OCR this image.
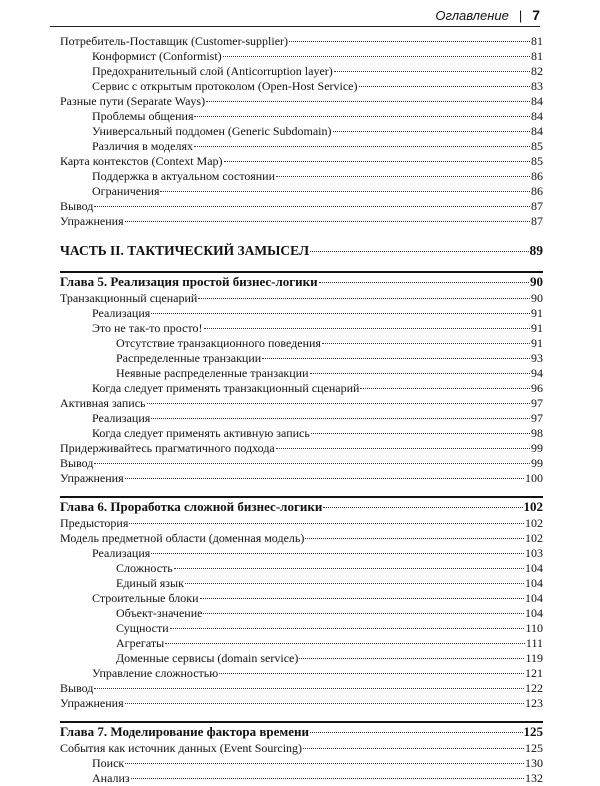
Оглавление | 7
Потребитель-Поставщик (Customer-supplier)	81
Конформист (Conformist)	81
Предохранительный слой (Anticorruption layer)	82
Сервис с открытым протоколом (Open-Host Service)	83
Разные пути (Separate Ways)	84
Проблемы общения	84
Универсальный поддомен (Generic Subdomain)	84
Различия в моделях	85
Карта контекстов (Context Map)	85
Поддержка в актуальном состоянии	86
Ограничения	86
Вывод	87
Упражнения	87
ЧАСТЬ II. ТАКТИЧЕСКИЙ ЗАМЫСЕЛ	89
Глава 5. Реализация простой бизнес-логики	90
Транзакционный сценарий	90
Реализация	91
Это не так-то просто!	91
Отсутствие транзакционного поведения	91
Распределенные транзакции	93
Неявные распределенные транзакции	94
Когда следует применять транзакционный сценарий	96
Активная запись	97
Реализация	97
Когда следует применять активную запись	98
Придерживайтесь прагматичного подхода	99
Вывод	99
Упражнения	100
Глава 6. Проработка сложной бизнес-логики	102
Предыстория	102
Модель предметной области (доменная модель)	102
Реализация	103
Сложность	104
Единый язык	104
Строительные блоки	104
Объект-значение	104
Сущности	110
Агрегаты	111
Доменные сервисы (domain service)	119
Управление сложностью	121
Вывод	122
Упражнения	123
Глава 7. Моделирование фактора времени	125
События как источник данных (Event Sourcing)	125
Поиск	130
Анализ	132
